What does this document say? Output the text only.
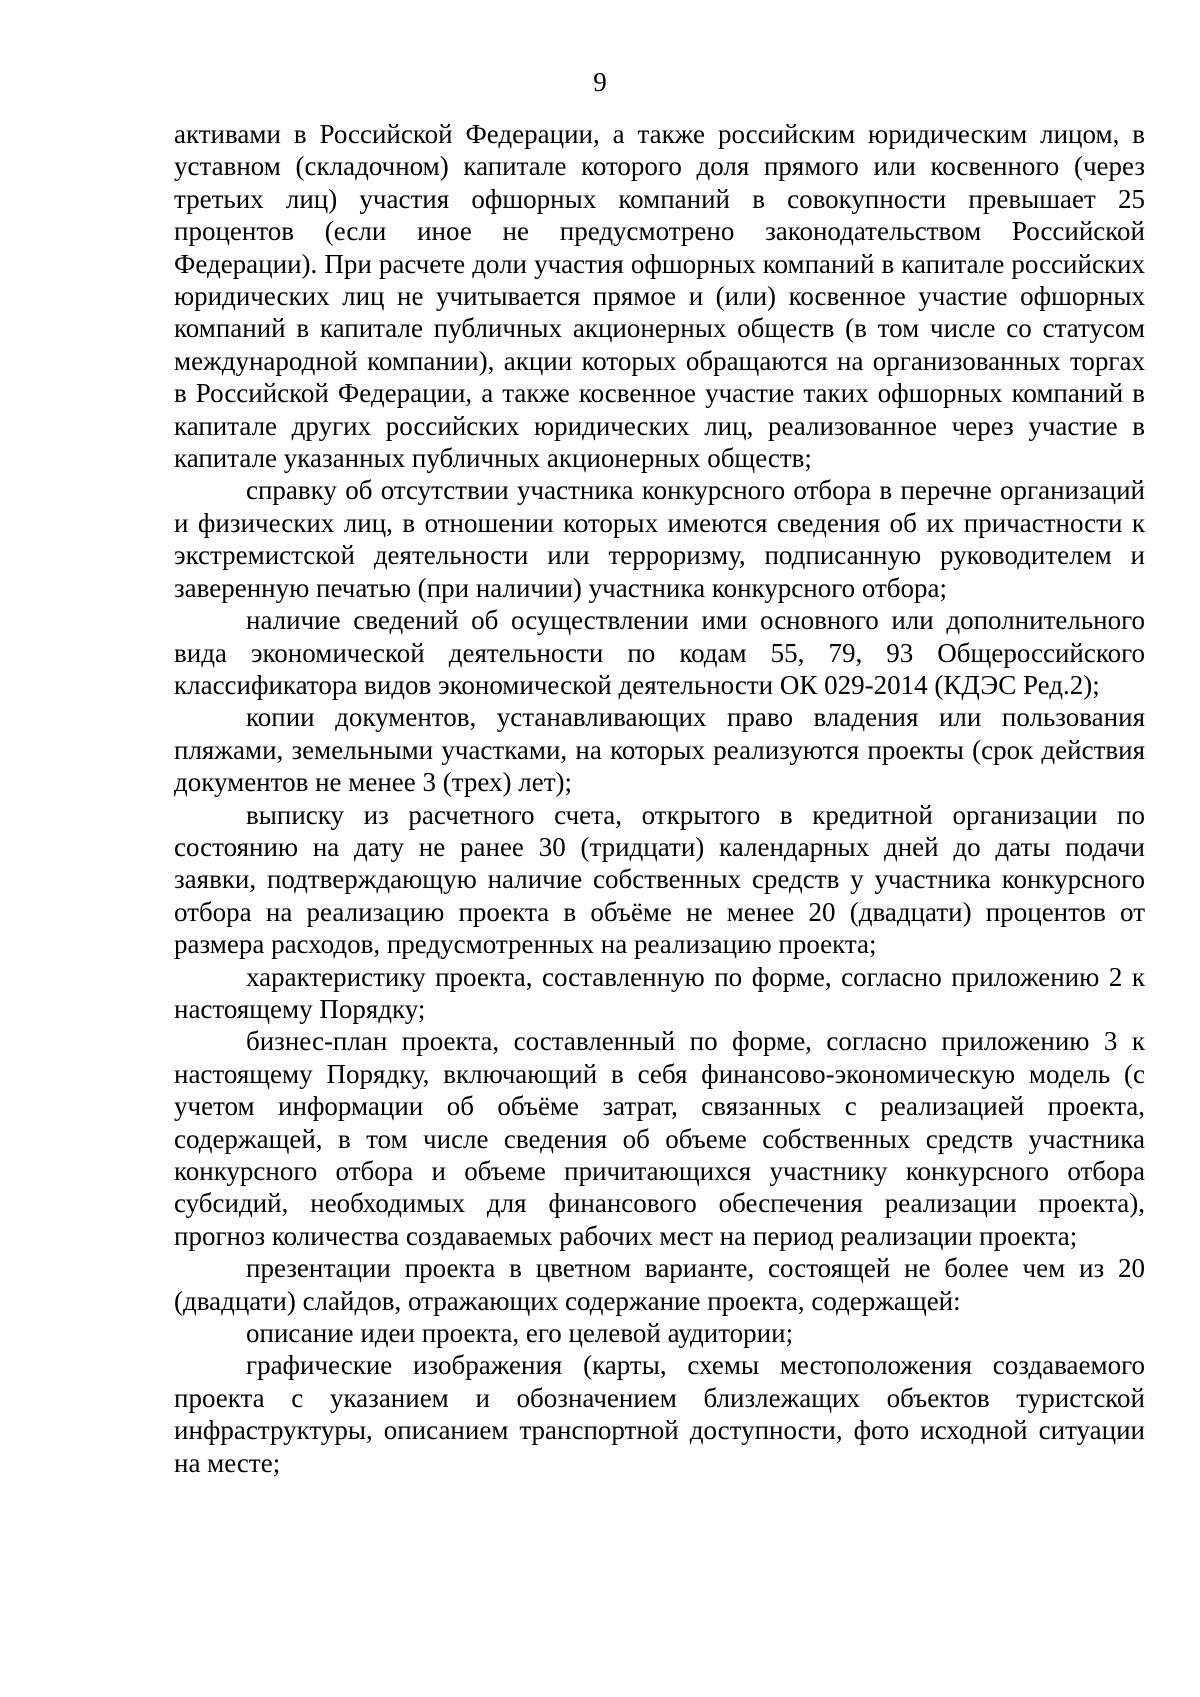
9

активами в Российской Федерации, а также российским юридическим лицом, в уставном (складочном) капитале которого доля прямого или косвенного (через третьих лиц) участия офшорных компаний в совокупности превышает 25 процентов (если иное не предусмотрено законодательством Российской Федерации). При расчете доли участия офшорных компаний в капитале российских юридических лиц не учитывается прямое и (или) косвенное участие офшорных компаний в капитале публичных акционерных обществ (в том числе со статусом международной компании), акции которых обращаются на организованных торгах в Российской Федерации, а также косвенное участие таких офшорных компаний в капитале других российских юридических лиц, реализованное через участие в капитале указанных публичных акционерных обществ;

справку об отсутствии участника конкурсного отбора в перечне организаций и физических лиц, в отношении которых имеются сведения об их причастности к экстремистской деятельности или терроризму, подписанную руководителем и заверенную печатью (при наличии) участника конкурсного отбора;

наличие сведений об осуществлении ими основного или дополнительного вида экономической деятельности по кодам 55, 79, 93 Общероссийского классификатора видов экономической деятельности ОК 029-2014 (КДЭС Ред.2);

копии документов, устанавливающих право владения или пользования пляжами, земельными участками, на которых реализуются проекты (срок действия документов не менее 3 (трех) лет);

выписку из расчетного счета, открытого в кредитной организации по состоянию на дату не ранее 30 (тридцати) календарных дней до даты подачи заявки, подтверждающую наличие собственных средств у участника конкурсного отбора на реализацию проекта в объёме не менее 20 (двадцати) процентов от размера расходов, предусмотренных на реализацию проекта;

характеристику проекта, составленную по форме, согласно приложению 2 к настоящему Порядку;

бизнес-план проекта, составленный по форме, согласно приложению 3 к настоящему Порядку, включающий в себя финансово-экономическую модель (с учетом информации об объёме затрат, связанных с реализацией проекта, содержащей, в том числе сведения об объеме собственных средств участника конкурсного отбора и объеме причитающихся участнику конкурсного отбора субсидий, необходимых для финансового обеспечения реализации проекта), прогноз количества создаваемых рабочих мест на период реализации проекта;

презентации проекта в цветном варианте, состоящей не более чем из 20 (двадцати) слайдов, отражающих содержание проекта, содержащей:

описание идеи проекта, его целевой аудитории;

графические изображения (карты, схемы местоположения создаваемого проекта с указанием и обозначением близлежащих объектов туристской инфраструктуры, описанием транспортной доступности, фото исходной ситуации на месте;
